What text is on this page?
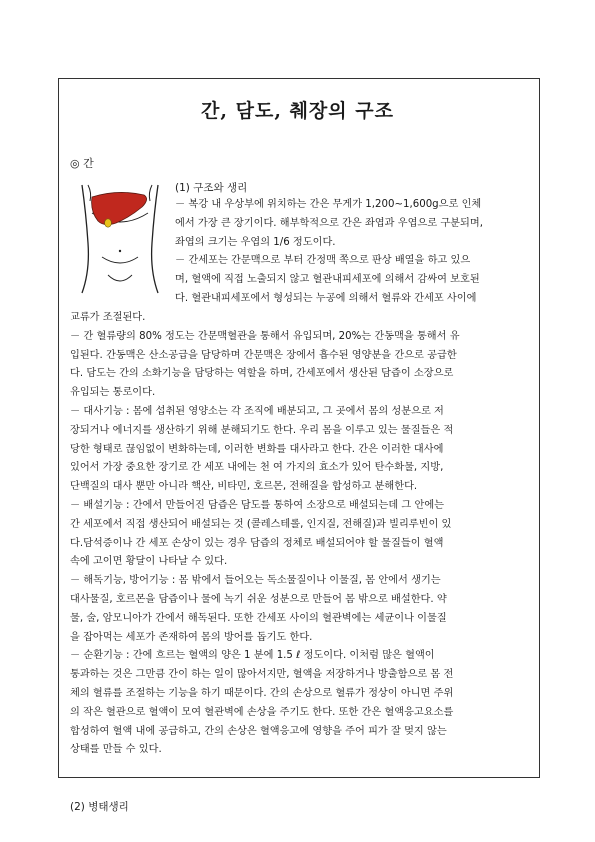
간, 담도, 췌장의 구조
◎ 간
(1) 구조와 생리
－ 복강 내 우상부에 위치하는 간은 무게가 1,200~1,600g으로 인체
에서 가장 큰 장기이다. 해부학적으로 간은 좌엽과 우엽으로 구분되며,
좌엽의 크기는 우엽의 1/6 정도이다.
－ 간세포는 간문맥으로 부터 간정맥 쪽으로 판상 배열을 하고 있으
며, 혈액에 직접 노출되지 않고 혈관내피세포에 의해서 감싸여 보호된
다. 혈관내피세포에서 형성되는 누공에 의해서 혈류와 간세포 사이에
교류가 조절된다.
－ 간 혈류량의 80% 정도는 간문맥혈관을 통해서 유입되며, 20%는 간동맥을 통해서 유
입된다. 간동맥은 산소공급을 담당하며 간문맥은 장에서 흡수된 영양분을 간으로 공급한
다. 담도는 간의 소화기능을 담당하는 역할을 하며, 간세포에서 생산된 담즙이 소장으로
유입되는 통로이다.
－ 대사기능 : 몸에 섭취된 영양소는 각 조직에 배분되고, 그 곳에서 몸의 성분으로 저
장되거나 에너지를 생산하기 위해 분해되기도 한다. 우리 몸을 이루고 있는 물질들은 적
당한 형태로 끊임없이 변화하는데, 이러한 변화를 대사라고 한다. 간은 이러한 대사에
있어서 가장 중요한 장기로 간 세포 내에는 천 여 가지의 효소가 있어 탄수화물, 지방,
단백질의 대사 뿐만 아니라 핵산, 비타민, 호르몬, 전해질을 합성하고 분해한다.
－ 배설기능 : 간에서 만들어진 담즙은 담도를 통하여 소장으로 배설되는데 그 안에는
간 세포에서 직접 생산되어 배설되는 것 (콜레스테롤, 인지질, 전해질)과 빌리루빈이 있
다.담석증이나 간 세포 손상이 있는 경우 담즙의 정체로 배설되어야 할 물질들이 혈액
속에 고이면 황달이 나타날 수 있다.
－ 해독기능, 방어기능 : 몸 밖에서 들어오는 독소물질이나 이물질, 몸 안에서 생기는
대사물질, 호르몬을 담즙이나 물에 녹기 쉬운 성분으로 만들어 몸 밖으로 배설한다. 약
물, 술, 암모니아가 간에서 해독된다. 또한 간세포 사이의 혈관벽에는 세균이나 이물질
을 잡아먹는 세포가 존재하여 몸의 방어를 돕기도 한다.
－ 순환기능 : 간에 흐르는 혈액의 양은 1 분에 1.5 ℓ 정도이다. 이처럼 많은 혈액이
통과하는 것은 그만큼 간이 하는 일이 많아서지만, 혈액을 저장하거나 방출함으로 몸 전
체의 혈류를 조절하는 기능을 하기 때문이다. 간의 손상으로 혈류가 정상이 아니면 주위
의 작은 혈관으로 혈액이 모여 혈관벽에 손상을 주기도 한다. 또한 간은 혈액응고요소를
합성하여 혈액 내에 공급하고, 간의 손상은 혈액응고에 영향을 주어 피가 잘 멎지 않는
상태를 만들 수 있다.
(2) 병태생리
